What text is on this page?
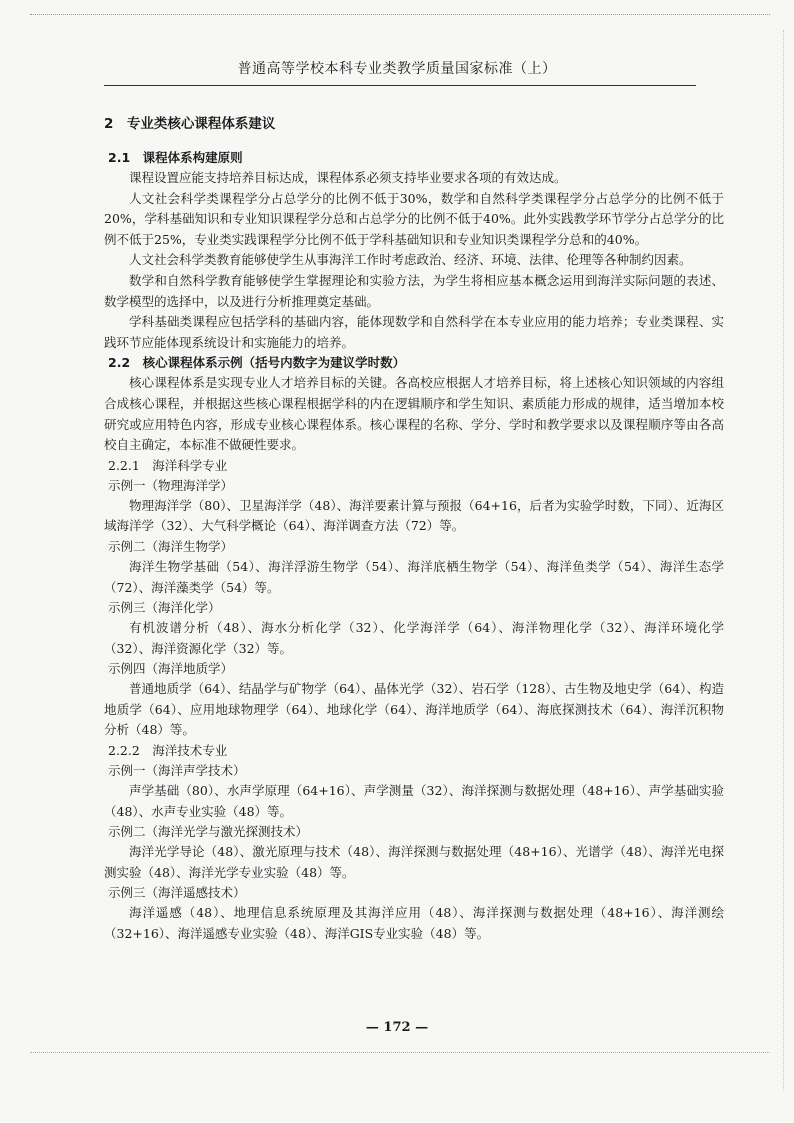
普通高等学校本科专业类教学质量国家标准（上）
2　专业类核心课程体系建议
2.1　课程体系构建原则

课程设置应能支持培养目标达成，课程体系必须支持毕业要求各项的有效达成。

人文社会科学类课程学分占总学分的比例不低于30%，数学和自然科学类课程学分占总学分的比例不低于20%，学科基础知识和专业知识课程学分总和占总学分的比例不低于40%。此外实践教学环节学分占总学分的比例不低于25%，专业类实践课程学分比例不低于学科基础知识和专业知识类课程学分总和的40%。

人文社会科学类教育能够使学生从事海洋工作时考虑政治、经济、环境、法律、伦理等各种制约因素。

数学和自然科学教育能够使学生掌握理论和实验方法，为学生将相应基本概念运用到海洋实际问题的表述、数学模型的选择中，以及进行分析推理奠定基础。

学科基础类课程应包括学科的基础内容，能体现数学和自然科学在本专业应用的能力培养；专业类课程、实践环节应能体现系统设计和实施能力的培养。

2.2　核心课程体系示例（括号内数字为建议学时数）

核心课程体系是实现专业人才培养目标的关键。各高校应根据人才培养目标，将上述核心知识领域的内容组合成核心课程，并根据这些核心课程根据学科的内在逻辑顺序和学生知识、素质能力形成的规律，适当增加本校研究或应用特色内容，形成专业核心课程体系。核心课程的名称、学分、学时和教学要求以及课程顺序等由各高校自主确定，本标准不做硬性要求。

2.2.1　海洋科学专业
示例一（物理海洋学）

物理海洋学（80）、卫星海洋学（48）、海洋要素计算与预报（64+16，后者为实验学时数，下同）、近海区域海洋学（32）、大气科学概论（64）、海洋调查方法（72）等。

示例二（海洋生物学）

海洋生物学基础（54）、海洋浮游生物学（54）、海洋底栖生物学（54）、海洋鱼类学（54）、海洋生态学（72）、海洋藻类学（54）等。

示例三（海洋化学）

有机波谱分析（48）、海水分析化学（32）、化学海洋学（64）、海洋物理化学（32）、海洋环境化学（32）、海洋资源化学（32）等。

示例四（海洋地质学）

普通地质学（64）、结晶学与矿物学（64）、晶体光学（32）、岩石学（128）、古生物及地史学（64）、构造地质学（64）、应用地球物理学（64）、地球化学（64）、海洋地质学（64）、海底探测技术（64）、海洋沉积物分析（48）等。

2.2.2　海洋技术专业
示例一（海洋声学技术）

声学基础（80）、水声学原理（64+16）、声学测量（32）、海洋探测与数据处理（48+16）、声学基础实验（48）、水声专业实验（48）等。

示例二（海洋光学与激光探测技术）

海洋光学导论（48）、激光原理与技术（48）、海洋探测与数据处理（48+16）、光谱学（48）、海洋光电探测实验（48）、海洋光学专业实验（48）等。

示例三（海洋遥感技术）

海洋遥感（48）、地理信息系统原理及其海洋应用（48）、海洋探测与数据处理（48+16）、海洋测绘（32+16）、海洋遥感专业实验（48）、海洋GIS专业实验（48）等。

— 172 —
